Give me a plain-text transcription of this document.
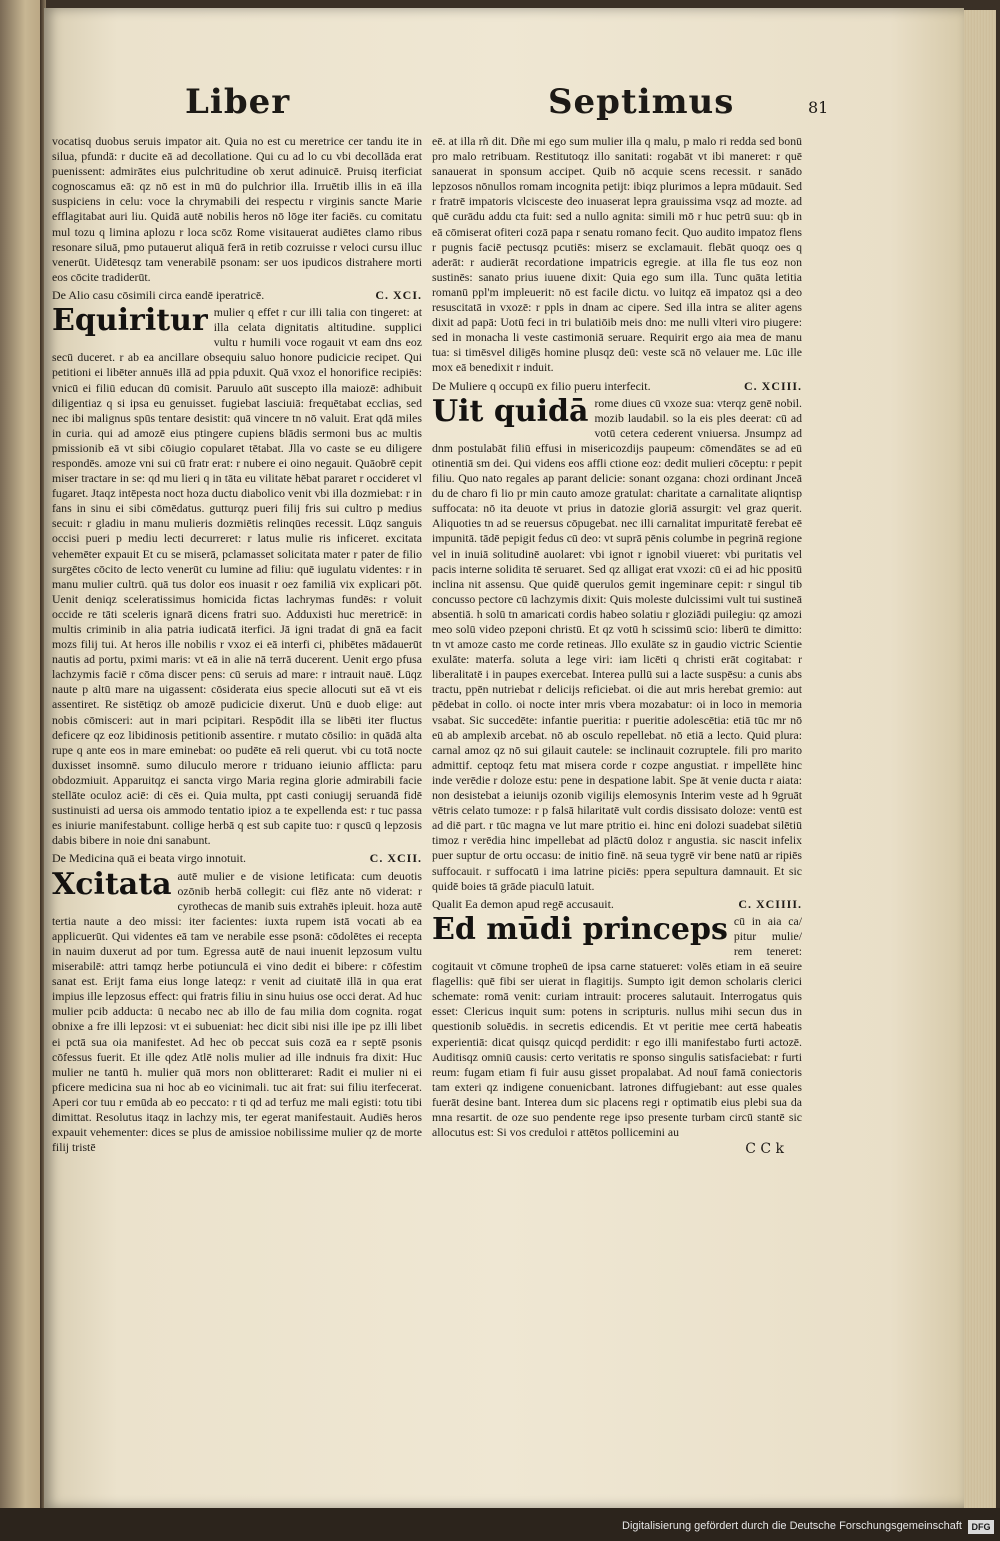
Liber	Septimus	81

vocatisq duobus seruis impator ait. Quia no est cu meretrice cer tandu ite in silua, pfundā: r ducite eā ad decollatione. Qui cu ad lo cu vbi decollāda erat puenissent: admirātes eius pulchritudine ob xerut adinuicē. Pruisq iterficiat cognoscamus eā: qz nō est in mū do pulchrior illa. Irruētib illis in eā illa suspiciens in celu: voce la chrymabili dei respectu r virginis sancte Marie efflagitabat auri liu. Quidā autē nobilis heros nō lōge iter faciēs. cu comitatu mul tozu q limina aplozu r loca scōz Rome visitauerat audiētes clamo ribus resonare siluā, pmo putauerut aliquā ferā in retib cozruisse r veloci cursu illuc venerūt. Uidētesqz tam venerabilē psonam: ser uos ipudicos distrahere morti eos cōcite tradiderūt.

De Alio casu cōsimili circa eandē iperatricē.	C. XCI.

Equiritur mulier q effet r cur illi talia con tingeret: at illa celata dignitatis altitudine. supplici vultu r humili voce rogauit vt eam dns eoz secū duceret. r ab ea ancillare obsequiu saluo honore pudicicie recipet. Qui petitioni ei libēter annuēs illā ad ppia pduxit. Quā vxoz el honorifice recipiēs: vnicū ei filiū educan dū comisit. Paruulo aūt suscepto illa maiozē: adhibuit diligentiaz q si ipsa eu genuisset. fugiebat lasciuiā: frequētabat ecclias, sed nec ibi malignus spūs tentare desistit: quā vincere tn nō valuit. Erat qdā miles in curia. qui ad amozē eius ptingere cupiens blādis sermoni bus ac multis pmissionib eā vt sibi cōiugio copularet tētabat. Jlla vo caste se eu diligere respondēs. amoze vni sui cū fratr erat: r nubere ei oino negauit. Quāobrē cepit miser tractare in se: qd mu lieri q in tāta eu vilitate hēbat pararet r occideret vl fugaret. Jtaqz intēpesta noct hoza ductu diabolico venit vbi illa dozmiebat: r in fans in sinu ei sibi cōmēdatus. gutturqz pueri filij fris sui cultro p medius secuit: r gladiu in manu mulieris dozmiētis relinqūes recessit. Lūqz sanguis occisi pueri p mediu lecti decurreret: r latus mulie ris inficeret. excitata vehemēter expauit Et cu se miserā, pclamasset solicitata mater r pater de filio surgētes cōcito de lecto venerūt cu lumine ad filiu: quē iugulatu videntes: r in manu mulier cultrū. quā tus dolor eos inuasit r oez familiā vix explicari pōt. Uenit deniqz sceleratissimus homicida fictas lachrymas fundēs: r voluit occide re tāti sceleris ignarā dicens fratri suo. Adduxisti huc meretricē: in multis criminib in alia patria iudicatā iterfici. Jā igni tradat di gnā ea facit mozs filij tui. At heros ille nobilis r vxoz ei eā interfi ci, phibētes mādauerūt nautis ad portu, pximi maris: vt eā in alie nā terrā ducerent. Uenit ergo pfusa lachzymis faciē r cōma discer pens: cū seruis ad mare: r intrauit nauē. Lūqz naute p altū mare na uigassent: cōsiderata eius specie allocuti sut eā vt eis assentiret. Re sistētiqz ob amozē pudicicie dixerut. Unū e duob elige: aut nobis cōmisceri: aut in mari pcipitari. Respōdit illa se libēti iter fluctus deficere qz eoz libidinosis petitionib assentire. r mutato cōsilio: in quādā alta rupe q ante eos in mare eminebat: oo pudēte eā reli querut. vbi cu totā nocte duxisset insomnē. sumo diluculo merore r triduano ieiunio afflicta: paru obdozmiuit. Apparuitqz ei sancta virgo Maria regina glorie admirabili facie stellāte oculoz aciē: di cēs ei. Quia multa, ppt casti coniugij seruandā fidē sustinuisti ad uersa ois ammodo tentatio ipioz a te expellenda est: r tuc passa es iniurie manifestabunt. collige herbā q est sub capite tuo: r quscū q lepzosis dabis bibere in noie dni sanabunt.

De Medicina quā ei beata virgo innotuit.	C. XCII.

Xcitata autē mulier e de visione letificata: cum deuotis ozōnib herbā collegit: cui flēz ante nō viderat: r cyrothecas de manib suis extrahēs ipleuit. hoza autē tertia naute a deo missi: iter facientes: iuxta rupem istā vocati ab ea applicuerūt. Qui videntes eā tam ve nerabile esse psonā: cōdolētes ei recepta in nauim duxerut ad por tum. Egressa autē de naui inuenit lepzosum vultu miserabilē: attri tamqz herbe potiunculā ei vino dedit ei bibere: r cōfestim sanat est. Erijt fama eius longe lateqz: r venit ad ciuitatē illā in qua erat impius ille lepzosus effect: qui fratris filiu in sinu huius ose occi derat. Ad huc mulier pcib adducta: ū necabo nec ab illo de fau milia dom cognita. rogat obnixe a fre illi lepzosi: vt ei subueniat: hec dicit sibi nisi ille ipe pz illi libet ei pctā sua oia manifestet. Ad hec ob peccat suis cozā ea r septē psonis cōfessus fuerit. Et ille qdez Atlē nolis mulier ad ille indnuis fra dixit: Huc mulier ne tantū h. mulier quā mors non oblitteraret: Radit ei mulier ni ei pficere medicina sua ni hoc ab eo vicinimali. tuc ait frat: sui filiu iterfecerat. Aperi cor tuu r emūda ab eo peccato: r ti qd ad terfuz me mali egisti: totu tibi dimittat. Resolutus itaqz in lachzy mis, ter egerat manifestauit. Audiēs heros expauit vehementer: dices se plus de amissioe nobilissime mulier qz de morte filij tristē

eē. at illa rñ dit. Dñe mi ego sum mulier illa q malu, p malo ri redda sed bonū pro malo retribuam. Restitutoqz illo sanitati: rogabāt vt ibi maneret: r quē sanauerat in sponsum accipet. Quib nō acquie scens recessit. r sanādo lepzosos nōnullos romam incognita petijt: ibiqz plurimos a lepra mūdauit. Sed r fratrē impatoris vlcisceste deo inuaserat lepra grauissima vsqz ad mozte. ad quē curādu addu cta fuit: sed a nullo agnita: simili mō r huc petrū suu: qb in eā cōmiserat ofiteri cozā papa r senatu romano fecit. Quo audito impatoz flens r pugnis faciē pectusqz pcutiēs: miserz se exclamauit. flebāt quoqz oes q aderāt: r audierāt recordatione impatricis egregie. at illa fle tus eoz non sustinēs: sanato prius iuuene dixit: Quia ego sum illa. Tunc quāta letitia romanū ppl'm impleuerit: nō est facile dictu. vo luitqz eā impatoz qsi a deo resuscitatā in vxozē: r ppls in dnam ac cipere. Sed illa intra se aliter agens dixit ad papā: Uotū feci in tri bulatiōib meis dno: me nulli vlteri viro piugere: sed in monacha li veste castimoniā seruare. Requirit ergo aia mea de manu tua: si timēsvel diligēs homine plusqz deū: veste scā nō velauer me. Lūc ille mox eā benedixit r induit.

De Muliere q occupū ex filio pueru interfecit.	C. XCIII.

Uit quidā rome diues cū vxoze sua: vterqz genē nobil. mozib laudabil. so la eis ples deerat: cū ad votū cetera cederent vniuersa. Jnsumpz ad dnm postulabāt filiū effusi in misericozdijs paupeum: cōmendātes se ad eū otinentiā sm dei. Qui videns eos affli ctione eoz: dedit mulieri cōceptu: r pepit filiu. Quo nato regales ap parant delicie: sonant ozgana: chozi ordinant Jnceā du de charo fi lio pr min cauto amoze gratulat: charitate a carnalitate aliqntisp suffocata: nō ita deuote vt prius in datozie gloriā assurgit: vel graz querit. Aliquoties tn ad se reuersus cōpugebat. nec illi carnalitat impuritatē ferebat eē impunitā. tādē pepigit fedus cū deo: vt suprā pēnis columbe in pegrinā regione vel in inuiā solitudinē auolaret: vbi ignot r ignobil viueret: vbi puritatis vel pacis interne solidita tē seruaret. Sed qz alligat erat vxozi: cū ei ad hic ppositū inclina nit assensu. Que quidē querulos gemit ingeminare cepit: r singul tib concusso pectore cū lachzymis dixit: Quis moleste dulcissimi vult tui sustineā absentiā. h solū tn amaricati cordis habeo solatiu r gloziādi puilegiu: qz amozi meo solū video pzeponi christū. Et qz votū h scissimū scio: liberū te dimitto: tn vt amoze casto me corde retineas. Jllo exulāte sz in gaudio victric Scientie exulāte: materfa. soluta a lege viri: iam licēti q christi erāt cogitabat: r liberalitatē i in paupes exercebat. Interea pullū sui a lacte suspēsu: a cunis abs tractu, ppēn nutriebat r delicijs reficiebat. oi die aut mris herebat gremio: aut pēdebat in collo. oi nocte inter mris vbera mozabatur: oi in loco in memoria vsabat. Sic succedēte: infantie pueritia: r pueritie adolescētia: etiā tūc mr nō eū ab amplexib arcebat. nō ab osculo repellebat. nō etiā a lecto. Quid plura: carnal amoz qz nō sui gilauit cautele: se inclinauit cozruptele. fili pro marito admittif. ceptoqz fetu mat misera corde r cozpe angustiat. r impellēte hinc inde verēdie r doloze estu: pene in despatione labit. Spe āt venie ducta r aiata: non desistebat a ieiunijs ozonib vigilijs elemosynis Interim veste ad h 9gruāt vētris celato tumoze: r p falsā hilaritatē vult cordis dissisato doloze: ventū est ad diē part. r tūc magna ve lut mare ptritio ei. hinc eni dolozi suadebat silētiū timoz r verēdia hinc impellebat ad plāctū doloz r angustia. sic nascit infelix puer suptur de ortu occasu: de initio finē. nā seua tygrē vir bene natū ar ripiēs suffocauit. r suffocatū i ima latrine piciēs: ppera sepultura damnauit. Et sic quidē boies tā grāde piaculū latuit.

Qualit Ea demon apud regē accusauit.	C. XCIIII.

Ed mūdi princeps cū in aia ca/ pitur mulie/ rem teneret: cogitauit vt cōmune tropheū de ipsa carne statueret: volēs etiam in eā seuire flagellis: quē fibi ser uierat in flagitijs. Sumpto igit demon scholaris clerici schemate: romā venit: curiam intrauit: proceres salutauit. Interrogatus quis esset: Clericus inquit sum: potens in scripturis. nullus mihi secun dus in questionib soluēdis. in secretis edicendis. Et vt peritie mee certā habeatis experientiā: dicat quisqz quicqd perdidit: r ego illi manifestabo furti actozē. Auditisqz omniū causis: certo veritatis re sponso singulis satisfaciebat: r furti reum: fugam etiam fi fuir ausu gisset propalabat. Ad nouī famā coniectoris tam exteri qz indigene conuenicbant. latrones diffugiebant: aut esse quales fuerāt desine bant. Interea dum sic placens regi r optimatib eius plebi sua da mna resartit. de oze suo pendente rege ipso presente turbam circū stantē sic allocutus est: Si vos creduloi r attētos pollicemini au

C C k
Digitalisierung gefördert durch die Deutsche Forschungsgemeinschaft	DFG
